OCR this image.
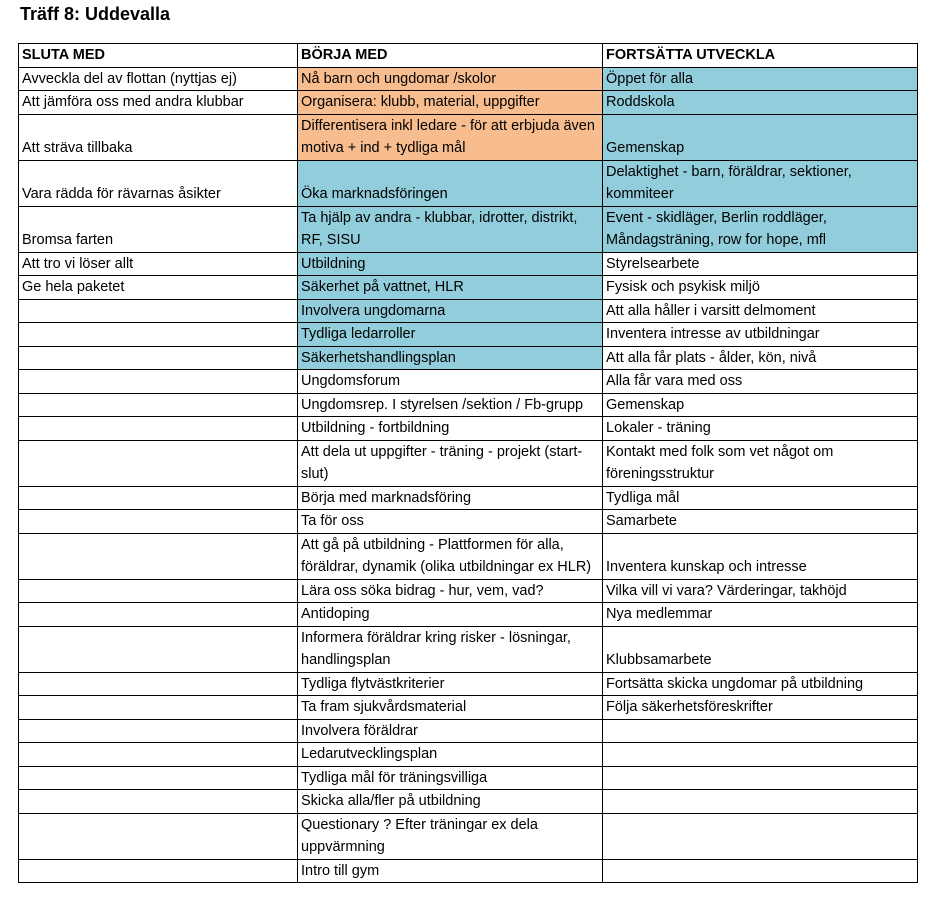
Träff 8: Uddevalla
SLUTA MED	BÖRJA MED	FORTSÄTTA UTVECKLA
Avveckla del av flottan (nyttjas ej)	Nå barn och ungdomar /skolor	Öppet för alla
Att jämföra oss med andra klubbar	Organisera: klubb, material, uppgifter	Roddskola
Att sträva tillbaka	Differentisera inkl ledare - för att erbjuda även motiva + ind + tydliga mål	Gemenskap
Vara rädda för rävarnas åsikter	Öka marknadsföringen	Delaktighet - barn, föräldrar, sektioner, kommiteer
Bromsa farten	Ta hjälp av andra - klubbar, idrotter, distrikt, RF, SISU	Event - skidläger, Berlin roddläger, Måndagsträning, row for hope, mfl
Att tro vi löser allt	Utbildning	Styrelsearbete
Ge hela paketet	Säkerhet på vattnet, HLR	Fysisk och psykisk miljö
	Involvera ungdomarna	Att alla håller i varsitt delmoment
	Tydliga ledarroller	Inventera intresse av utbildningar
	Säkerhetshandlingsplan	Att alla får plats - ålder, kön, nivå
	Ungdomsforum	Alla får vara med oss
	Ungdomsrep. I styrelsen /sektion / Fb-grupp	Gemenskap
	Utbildning - fortbildning	Lokaler - träning
	Att dela ut uppgifter - träning - projekt (start-slut)	Kontakt med folk som vet något om föreningsstruktur
	Börja med marknadsföring	Tydliga mål
	Ta för oss	Samarbete
	Att gå på utbildning - Plattformen för alla, föräldrar, dynamik (olika utbildningar ex HLR)	Inventera kunskap och intresse
	Lära oss söka bidrag - hur, vem, vad?	Vilka vill vi vara? Värderingar, takhöjd
	Antidoping	Nya medlemmar
	Informera föräldrar kring risker - lösningar, handlingsplan	Klubbsamarbete
	Tydliga flytvästkriterier	Fortsätta skicka ungdomar på utbildning
	Ta fram sjukvårdsmaterial	Följa säkerhetsföreskrifter
	Involvera föräldrar	
	Ledarutvecklingsplan	
	Tydliga mål för träningsvilliga	
	Skicka alla/fler på utbildning	
	Questionary ? Efter träningar ex dela uppvärmning	
	Intro till gym	
